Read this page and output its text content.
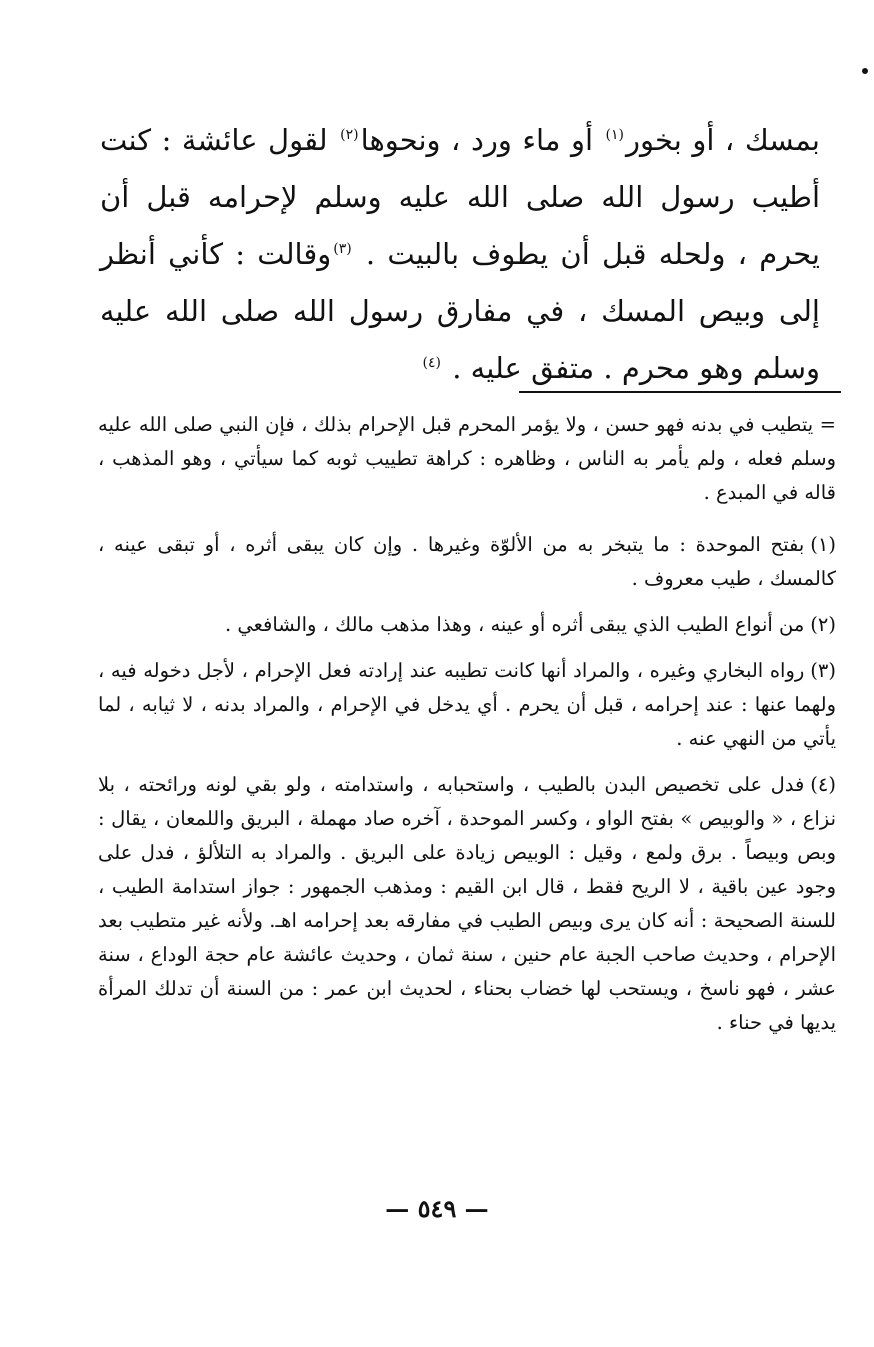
بمسك ، أو بخور$^{(١)}$ أو ماء ورد ، ونحوها$^{(٢)}$ لقول عائشة : كنت أطيب رسول الله صلى الله عليه وسلم لإحرامه قبل أن يحرم ، ولحله قبل أن يطوف بالبيت . $^{(٣)}$وقالت : كأني أنظر إلى وبيص المسك ، في مفارق رسول الله صلى الله عليه وسلم وهو محرم . متفق عليه . $^{(٤)}$

= يتطيب في بدنه فهو حسن ، ولا يؤمر المحرم قبل الإحرام بذلك ، فإن النبي صلى الله عليه وسلم فعله ، ولم يأمر به الناس ، وظاهره : كراهة تطييب ثوبه كما سيأتي ، وهو المذهب ، قاله في المبدع .

(١)بفتح الموحدة : ما يتبخر به من الألوّة وغيرها . وإن كان يبقى أثره ، أو تبقى عينه ، كالمسك ، طيب معروف .

(٢)من أنواع الطيب الذي يبقى أثره أو عينه ، وهذا مذهب مالك ، والشافعي .

(٣)رواه البخاري وغيره ، والمراد أنها كانت تطيبه عند إرادته فعل الإحرام ، لأجل دخوله فيه ، ولهما عنها : عند إحرامه ، قبل أن يحرم . أي يدخل في الإحرام ، والمراد بدنه ، لا ثيابه ، لما يأتي من النهي عنه .

(٤)فدل على تخصيص البدن بالطيب ، واستحبابه ، واستدامته ، ولو بقي لونه ورائحته ، بلا نزاع ، « والوبيص » بفتح الواو ، وكسر الموحدة ، آخره صاد مهملة ، البريق واللمعان ، يقال : وبص وبيصاً . برق ولمع ، وقيل : الوبيص زيادة على البريق . والمراد به التلألؤ ، فدل على وجود عين باقية ، لا الريح فقط ، قال ابن القيم : ومذهب الجمهور : جواز استدامة الطيب ، للسنة الصحيحة : أنه كان يرى وبيص الطيب في مفارقه بعد إحرامه اهـ. ولأنه غير متطيب بعد الإحرام ، وحديث صاحب الجبة عام حنين ، سنة ثمان ، وحديث عائشة عام حجة الوداع ، سنة عشر ، فهو ناسخ ، ويستحب لها خضاب بحناء ، لحديث ابن عمر : من السنة أن تدلك المرأة يديها في حناء .

— ٥٤٩ —
